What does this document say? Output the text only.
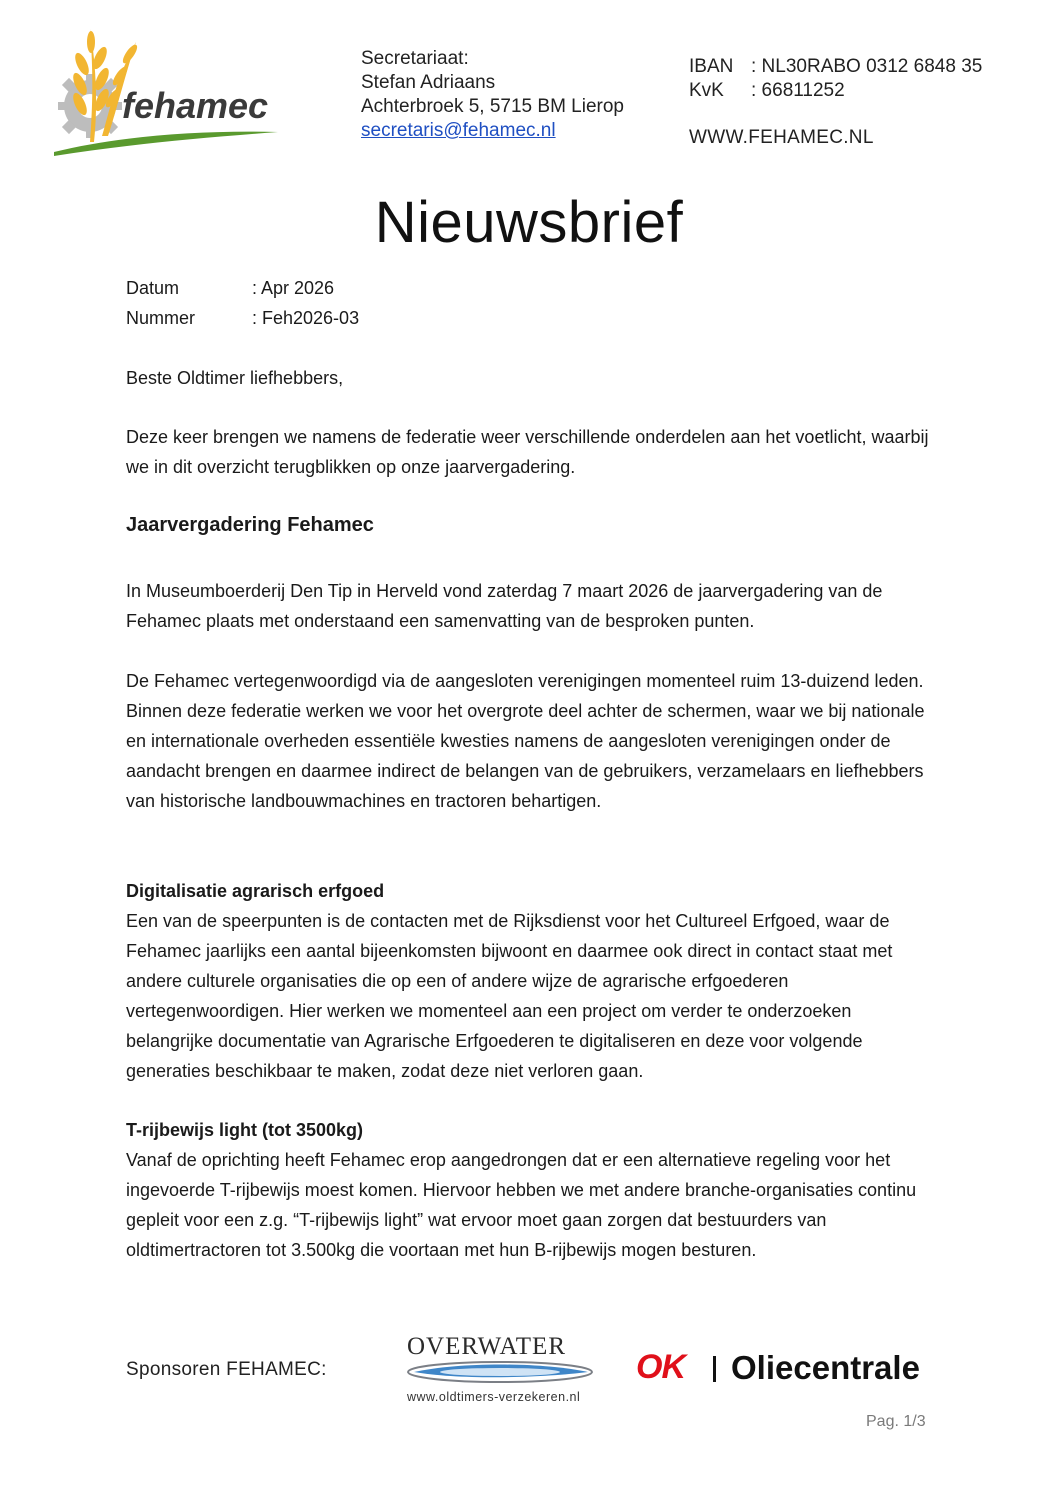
fehamec
Secretariaat:
Stefan Adriaans
Achterbroek 5, 5715 BM Lierop
secretaris@fehamec.nl
IBAN : NL30RABO 0312 6848 35
KvK : 66811252
WWW.FEHAMEC.NL
Nieuwsbrief
Datum	: Apr 2026
Nummer	: Feh2026-03

Beste Oldtimer liefhebbers,

Deze keer brengen we namens de federatie weer verschillende onderdelen aan het voetlicht, waarbij we in dit overzicht terugblikken op onze jaarvergadering.

Jaarvergadering Fehamec

In Museumboerderij Den Tip in Herveld vond zaterdag 7 maart 2026 de jaarvergadering van de Fehamec plaats met onderstaand een samenvatting van de besproken punten.

De Fehamec vertegenwoordigd via de aangesloten verenigingen momenteel ruim 13-duizend leden. Binnen deze federatie werken we voor het overgrote deel achter de schermen, waar we bij nationale en internationale overheden essentiële kwesties namens de aangesloten verenigingen onder de aandacht brengen en daarmee indirect de belangen van de gebruikers, verzamelaars en liefhebbers van historische landbouwmachines en tractoren behartigen.

Digitalisatie agrarisch erfgoed

Een van de speerpunten is de contacten met de Rijksdienst voor het Cultureel Erfgoed, waar de Fehamec jaarlijks een aantal bijeenkomsten bijwoont en daarmee ook direct in contact staat met andere culturele organisaties die op een of andere wijze de agrarische erfgoederen vertegenwoordigen. Hier werken we momenteel aan een project om verder te onderzoeken belangrijke documentatie van Agrarische Erfgoederen te digitaliseren en deze voor volgende generaties beschikbaar te maken, zodat deze niet verloren gaan.

T-rijbewijs light (tot 3500kg)

Vanaf de oprichting heeft Fehamec erop aangedrongen dat er een alternatieve regeling voor het ingevoerde T-rijbewijs moest komen. Hiervoor hebben we met andere branche-organisaties continu gepleit voor een z.g. “T-rijbewijs light” wat ervoor moet gaan zorgen dat bestuurders van oldtimertractoren tot 3.500kg die voortaan met hun B-rijbewijs mogen besturen.

Sponsoren FEHAMEC:
OVERWATER
www.oldtimers-verzekeren.nl
OK Oliecentrale
Pag. 1/3
